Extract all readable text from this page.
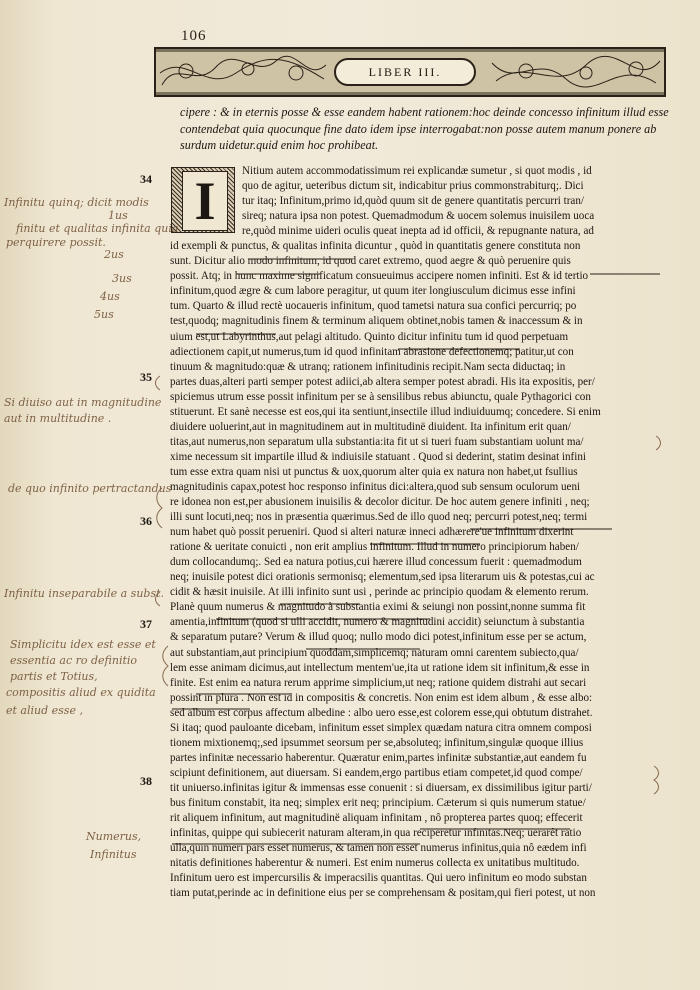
106
LIBER III.
cipere : & in eternis posse & esse eandem habent rationem:hoc deinde concesso infinitum illud esse
contendebat quia quocunque fine dato idem ipse interrogabat:non posse autem manum ponere ab
surdum uidetur.quid enim hoc prohibeat.
I	Nitium autem accommodatissimum rei explicandæ sumetur , si quot modis , id
quo de agitur, ueteribus dictum sit, indicabitur prius commonstrabiturq;. Dici
tur itaq; Infinitum,primo id,quòd quum sit de genere quantitatis percurri tran/
sireq; natura ipsa non potest. Quemadmodum & uocem solemus inuisilem uoca
re,quòd minime uideri oculis queat inepta ad id officii, & repugnante natura, ad
id exempli & punctus, & qualitas infinita dicuntur , quòd in quantitatis genere constituta non
sunt. Dicitur alio modo infinitum, id quod caret extremo, quod aegre & quò peruenire quis
possit. Atq; in hunc maxime significatum consueuimus accipere nomen infiniti. Est & id tertio
infinitum,quod ægre & cum labore peragitur, ut quum iter longiusculum dicimus esse infini
tum. Quarto & illud rectè uocaueris infinitum, quod tametsi natura sua confici percurriq; po
test,quodq; magnitudinis finem & terminum aliquem obtinet,nobis tamen & inaccessum & in
uium est,ut Labyrinthus,aut pelagi altitudo. Quinto dicitur infinitu tum id quod perpetuam
adiectionem capit,ut numerus,tum id quod infinitam abrasione defectionemq; patitur,ut con
tinuum & magnitudo:quæ & utranq; rationem infinitudinis recipit.Nam secta diductaq; in
partes duas,alteri parti semper potest adiici,ab altera semper potest abradi. His ita expositis, per/
spiciemus utrum esse possit infinitum per se à sensilibus rebus abiunctu, quale Pythagorici con
stituerunt. Et sanè necesse est eos,qui ita sentiunt,insectile illud indiuiduumq; concedere. Si enim
diuidere uoluerint,aut in magnitudinem aut in multitudinë diuident. Ita infinitum erit quan/
titas,aut numerus,non separatum ulla substantia:ita fit ut si tueri fuam substantiam uolunt ma/
xime necessum sit impartile illud & indiuisile statuant . Quod si dederint, statim desinat infini
tum esse extra quam nisi ut punctus & uox,quorum alter quia ex natura non habet,ut fsullius
magnitudinis capax,potest hoc responso infinitus dici:altera,quod sub sensum oculorum ueni
re idonea non est,per abusionem inuisilis & decolor dicitur. De hoc autem genere infiniti , neq;
illi sunt locuti,neq; nos in præsentia quærimus.Sed de illo quod neq; percurri potest,neq; termi
num habet quò possit perueniri. Quod si alteri naturæ inneci adhærere'ue infinitum dixerint
ratione & ueritate conuicti , non erit amplius infinitum. Illud in numero principiorum haben/
dum collocandumq;. Sed ea natura potius,cui hærere illud concessum fuerit : quemadmodum
neq; inuisile potest dici orationis sermonisq; elementum,sed ipsa literarum uis & potestas,cui ac
cidit & hæsit inuisile. At illi infinito sunt usi , perinde ac principio quodam & elemento rerum.
Planè quum numerus & magnitudo à substantia eximi & seiungi non possint,nonne summa fit
amentia,infinitum (quod si ulli accidit, numero & magnitudini accidit) seiunctum à substantia
& separatum putare? Verum & illud quoq; nullo modo dici potest,infinitum esse per se actum,
aut substantiam,aut principium quoddam,simplicemq; naturam omni carentem subiecto,qua/
lem esse animam dicimus,aut intellectum mentem'ue,ita ut ratione idem sit infinitum,& esse in
finite. Est enim ea natura rerum apprime simplicium,ut neq; ratione quidem distrahi aut secari
possint in plura . Non est id in compositis & concretis. Non enim est idem album , & esse albo:
sed album est corpus affectum albedine : albo uero esse,est colorem esse,qui obtutum distrahet.
Si itaq; quod pauloante dicebam, infinitum esset simplex quædam natura citra omnem composi
tionem mixtionemq;,sed ipsummet seorsum per se,absoluteq; infinitum,singulæ quoque illius
partes infinitæ necessario haberentur. Quæratur enim,partes infinitæ substantiæ,aut eandem fu
scipiunt definitionem, aut diuersam. Si eandem,ergo partibus etiam competet,id quod compe/
tit uniuerso.infinitas igitur & immensas esse conuenit : si diuersam, ex dissimilibus igitur parti/
bus finitum constabit, ita neq; simplex erit neq; principium. Cæterum si quis numerum statue/
rit aliquem infinitum, aut magnitudinë aliquam infinitam , nô propterea partes quoq; effecerit
infinitas, quippe qui subiecerit naturam alteram,in qua reciperetur infinitas.Neq; uerarêt ratio
ulla,quin numeri pars esset numerus, & tamen non esset numerus infinitus,quia nô eædem infi
nitatis definitiones haberentur & numeri. Est enim numerus collecta ex unitatibus multitudo.
Infinitum uero est impercursilis & imperacsilis quantitas. Qui uero infinitum eo modo substan
tiam putat,perinde ac in definitione eius per se comprehensam & positam,qui fieri potest, ut non
34
35
36
37
38
Infinitu quinq; dicit modis
1us
finitu et qualitas infinita quia
perquirere possit.
2us
3us
4us
5us
Si diuiso aut in magnitudine
aut in multitudine .
de quo infinito pertractandus
Infinitu inseparabile a subst.
Simplicitu idex est esse et
essentia ac ro definitio
partis et Totius,
compositis aliud ex quidita
et aliud esse ,
Numerus,
Infinitus
